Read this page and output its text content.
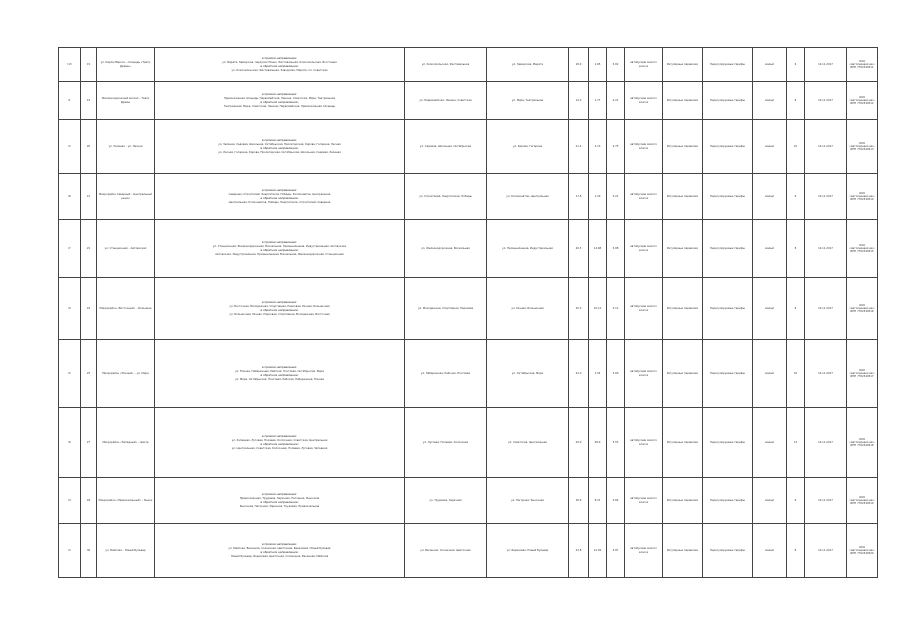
I13	15	ул. Карла Маркса – площадь «Театр Драмы»	в прямом направлении:
ул. Марата, Заводская, переулок Юных, Фестивальная, Комсомольская, Восстания
в обратном направлении:
ул. Комсомольская, Фестивальная, Заводская, Марата, пл. Советская	ул. Комсомольская, Фестивальная	ул. Заводская, Марата	18.0	1.65	3.02	автобусами малого класса	Регулярные перевозки	Нерегулируемые тарифы	малый	6	14.11.2017	ООО «Автоперевозчик» ИНН 7702340511
I1	19	Железнодорожный вокзал – Театр Драмы	в прямом направлении:
Привокзальная площадь, Первомайская, Ленина, Советская, Мира, Театральная
в обратном направлении:
Театральная, Мира, Советская, Ленина, Первомайская, Привокзальная площадь	ул. Первомайская, Ленина, Советская	ул. Мира, Театральная	14.3	1.77	4.21	автобусами малого класса	Регулярные перевозки	Нерегулируемые тарифы	малый	8	14.11.2017	ООО «Автоперевозчик» ИНН 7702340512
I2	20	ул. Зеленая – ул. Лесная	в прямом направлении:
ул. Зеленая, Садовая, Школьная, Октябрьская, Пролетарская, Кирова, Гагарина, Лесная
в обратном направлении:
ул. Лесная, Гагарина, Кирова, Пролетарская, Октябрьская, Школьная, Садовая, Зеленая	ул. Садовая, Школьная, Октябрьская	ул. Кирова, Гагарина	21.4	2.13	4.75	автобусами малого класса	Регулярные перевозки	Нерегулируемые тарифы	малый	10	14.11.2017	ООО «Автоперевозчик» ИНН 7702340513
I8	21	Микрорайон Северный – Центральный рынок	в прямом направлении:
Северная, Строителей, Энергетиков, Победы, Космонавтов, Центральная
в обратном направлении:
Центральная, Космонавтов, Победы, Энергетиков, Строителей, Северная	ул. Строителей, Энергетиков, Победы	ул. Космонавтов, Центральная	17.8	1.29	3.21	автобусами малого класса	Регулярные перевозки	Нерегулируемые тарифы	малый	6	14.11.2017	ООО «Автоперевозчик» ИНН 7702340514
I7	22	ул. Станционная – Автовокзал	в прямом направлении:
ул. Станционная, Железнодорожная, Вокзальная, Промышленная, Индустриальная, Автовокзал
в обратном направлении:
Автовокзал, Индустриальная, Промышленная, Вокзальная, Железнодорожная, Станционная	ул. Железнодорожная, Вокзальная	ул. Промышленная, Индустриальная	20.5	14.68	3.08	автобусами малого класса	Регулярные перевозки	Нерегулируемые тарифы	малый	8	14.11.2017	ООО «Автоперевозчик» ИНН 7702340515
I9	24	Микрорайон «Восточный» – Больница	в прямом направлении:
ул. Восточная, Молодежная, Спортивная, Парковая, Речная, Больничная
в обратном направлении:
ул. Больничная, Речная, Парковая, Спортивная, Молодежная, Восточная	ул. Молодежная, Спортивная, Парковая	ул. Речная, Больничная	30.3	10.12	3.11	автобусами малого класса	Регулярные перевозки	Нерегулируемые тарифы	малый	8	14.11.2017	ООО «Автоперевозчик» ИНН 7702340516
I5	25	Микрорайон «Южный» – ул. Мира	в прямом направлении:
ул. Южная, Набережная, Рабочая, Почтовая, Октябрьская, Мира
в обратном направлении:
ул. Мира, Октябрьская, Почтовая, Рабочая, Набережная, Южная	ул. Набережная, Рабочая, Почтовая	ул. Октябрьская, Мира	24.0	1.54	3.00	автобусами малого класса	Регулярные перевозки	Нерегулируемые тарифы	малый	10	14.11.2017	ООО «Автоперевозчик» ИНН 7702340517
I6	27	Микрорайон «Западный» – Центр	в прямом направлении:
ул. Западная, Луговая, Полевая, Колхозная, Советская, Центральная
в обратном направлении:
ул. Центральная, Советская, Колхозная, Полевая, Луговая, Западная	ул. Луговая, Полевая, Колхозная	ул. Советская, Центральная	29.0	28.9	3.53	автобусами малого класса	Регулярные перевозки	Нерегулируемые тарифы	малый	12	14.11.2017	ООО «Автоперевозчик» ИНН 7702340518
I4	29	Микрорайон «Привокзальный» – Рынок	в прямом направлении:
Привокзальная, Трудовая, Заречная, Нагорная, Рыночная
в обратном направлении:
Рыночная, Нагорная, Заречная, Трудовая, Привокзальная	ул. Трудовая, Заречная	ул. Нагорная, Рыночная	18.9	8.21	2.64	автобусами малого класса	Регулярные перевозки	Нерегулируемые тарифы	малый	6	14.11.2017	ООО «Автоперевозчик» ИНН 7702340519
I3	30	ул. Майская – Новый Бульвар	в прямом направлении:
ул. Майская, Весенняя, Солнечная, Цветочная, Березовая, Новый Бульвар
в обратном направлении:
Новый Бульвар, Березовая, Цветочная, Солнечная, Весенняя, Майская	ул. Весенняя, Солнечная, Цветочная	ул. Березовая, Новый Бульвар	23.8	12.49	2.87	автобусами малого класса	Регулярные перевозки	Нерегулируемые тарифы	малый	8	14.11.2017	ООО «Автоперевозчик» ИНН 7702340520
